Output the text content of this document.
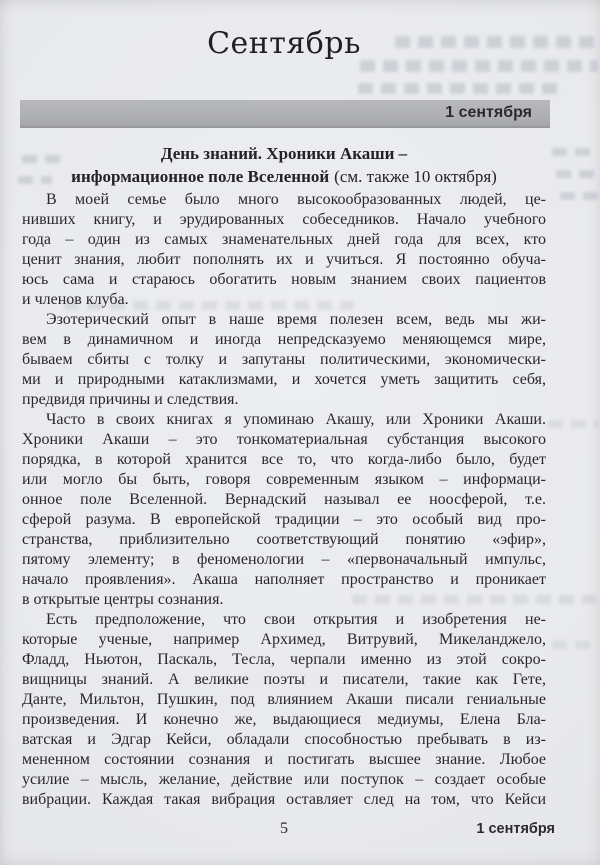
Сентябрь
1 сентября
День знаний. Хроники Акаши –
информационное поле Вселенной (см. также 10 октября)
В моей семье было много высокообразованных людей, це-
нивших книгу, и эрудированных собеседников. Начало учебного
года – один из самых знаменательных дней года для всех, кто
ценит знания, любит пополнять их и учиться. Я постоянно обуча-
юсь сама и стараюсь обогатить новым знанием своих пациентов
и членов клуба.
Эзотерический опыт в наше время полезен всем, ведь мы жи-
вем в динамичном и иногда непредсказуемо меняющемся мире,
бываем сбиты с толку и запутаны политическими, экономически-
ми и природными катаклизмами, и хочется уметь защитить себя,
предвидя причины и следствия.
Часто в своих книгах я упоминаю Акашу, или Хроники Акаши.
Хроники Акаши – это тонкоматериальная субстанция высокого
порядка, в которой хранится все то, что когда-либо было, будет
или могло бы быть, говоря современным языком – информаци-
онное поле Вселенной. Вернадский называл ее ноосферой, т.е.
сферой разума. В европейской традиции – это особый вид про-
странства, приблизительно соответствующий понятию «эфир»,
пятому элементу; в феноменологии – «первоначальный импульс,
начало проявления». Акаша наполняет пространство и проникает
в открытые центры сознания.
Есть предположение, что свои открытия и изобретения не-
которые ученые, например Архимед, Витрувий, Микеланджело,
Фладд, Ньютон, Паскаль, Тесла, черпали именно из этой сокро-
вищницы знаний. А великие поэты и писатели, такие как Гете,
Данте, Мильтон, Пушкин, под влиянием Акаши писали гениальные
произведения. И конечно же, выдающиеся медиумы, Елена Бла-
ватская и Эдгар Кейси, обладали способностью пребывать в из-
мененном состоянии сознания и постигать высшее знание. Любое
усилие – мысль, желание, действие или поступок – создает особые
вибрации. Каждая такая вибрация оставляет след на том, что Кейси
5	1 сентября
